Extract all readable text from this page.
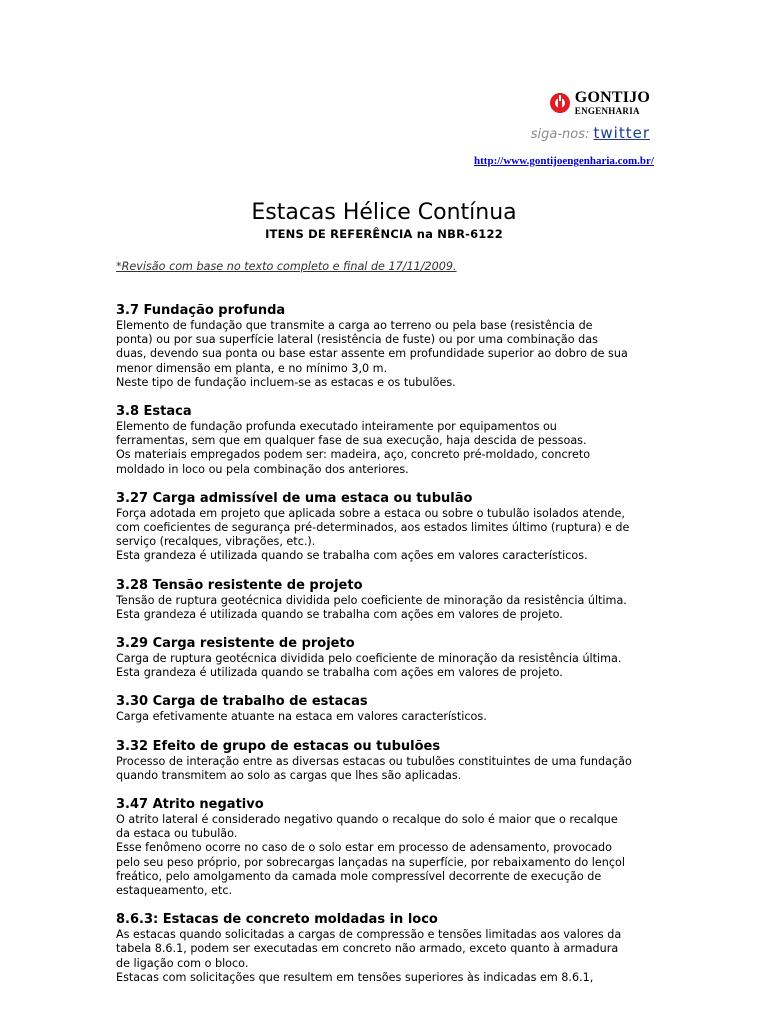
GONTIJO
ENGENHARIA
siga-nos: twitter
http://www.gontijoengenharia.com.br/
Estacas Hélice Contínua
ITENS DE REFERÊNCIA na NBR-6122
*Revisão com base no texto completo e final de 17/11/2009.
3.7 Fundação profunda
Elemento de fundação que transmite a carga ao terreno ou pela base (resistência de
ponta) ou por sua superfície lateral (resistência de fuste) ou por uma combinação das
duas, devendo sua ponta ou base estar assente em profundidade superior ao dobro de sua
menor dimensão em planta, e no mínimo 3,0 m.
Neste tipo de fundação incluem-se as estacas e os tubulões.
3.8 Estaca
Elemento de fundação profunda executado inteiramente por equipamentos ou
ferramentas, sem que em qualquer fase de sua execução, haja descida de pessoas.
Os materiais empregados podem ser: madeira, aço, concreto pré-moldado, concreto
moldado in loco ou pela combinação dos anteriores.
3.27 Carga admissível de uma estaca ou tubulão
Força adotada em projeto que aplicada sobre a estaca ou sobre o tubulão isolados atende,
com coeficientes de segurança pré-determinados, aos estados limites último (ruptura) e de
serviço (recalques, vibrações, etc.).
Esta grandeza é utilizada quando se trabalha com ações em valores característicos.
3.28 Tensão resistente de projeto
Tensão de ruptura geotécnica dividida pelo coeficiente de minoração da resistência última.
Esta grandeza é utilizada quando se trabalha com ações em valores de projeto.
3.29 Carga resistente de projeto
Carga de ruptura geotécnica dividida pelo coeficiente de minoração da resistência última.
Esta grandeza é utilizada quando se trabalha com ações em valores de projeto.
3.30 Carga de trabalho de estacas
Carga efetivamente atuante na estaca em valores característicos.
3.32 Efeito de grupo de estacas ou tubulões
Processo de interação entre as diversas estacas ou tubulões constituintes de uma fundação
quando transmitem ao solo as cargas que lhes são aplicadas.
3.47 Atrito negativo
O atrito lateral é considerado negativo quando o recalque do solo é maior que o recalque
da estaca ou tubulão.
Esse fenômeno ocorre no caso de o solo estar em processo de adensamento, provocado
pelo seu peso próprio, por sobrecargas lançadas na superfície, por rebaixamento do lençol
freático, pelo amolgamento da camada mole compressível decorrente de execução de
estaqueamento, etc.
8.6.3: Estacas de concreto moldadas in loco
As estacas quando solicitadas a cargas de compressão e tensões limitadas aos valores da
tabela 8.6.1, podem ser executadas em concreto não armado, exceto quanto à armadura
de ligação com o bloco.
Estacas com solicitações que resultem em tensões superiores às indicadas em 8.6.1,
